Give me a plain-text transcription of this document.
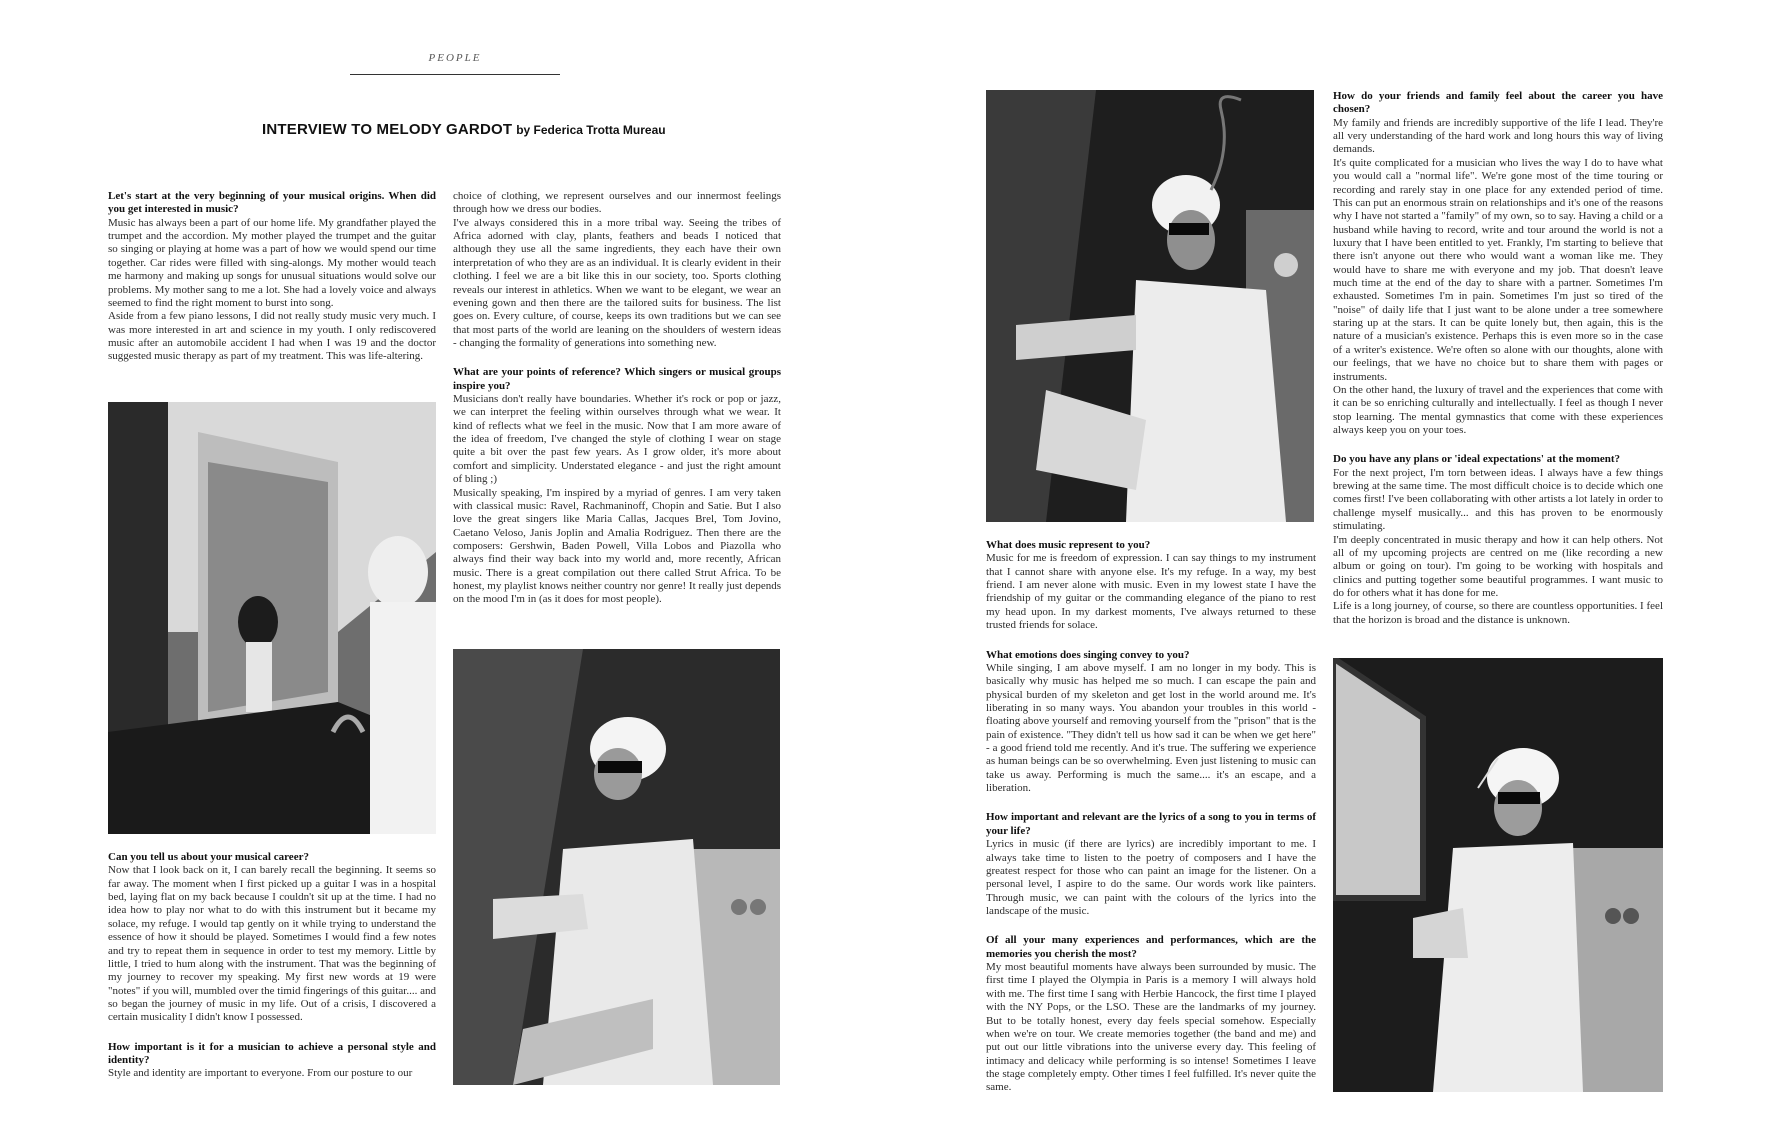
PEOPLE
INTERVIEW TO MELODY GARDOT by Federica Trotta Mureau

Let's start at the very beginning of your musical origins. When did you get interested in music?

Music has always been a part of our home life. My grandfather played the trumpet and the accordion. My mother played the trumpet and the guitar so singing or playing at home was a part of how we would spend our time together. Car rides were filled with sing-alongs. My mother would teach me harmony and making up songs for unusual situations would solve our problems. My mother sang to me a lot. She had a lovely voice and always seemed to find the right moment to burst into song.

Aside from a few piano lessons, I did not really study music very much. I was more interested in art and science in my youth. I only rediscovered music after an automobile accident I had when I was 19 and the doctor suggested music therapy as part of my treatment. This was life-altering.

Can you tell us about your musical career?

Now that I look back on it, I can barely recall the beginning. It seems so far away. The moment when I first picked up a guitar I was in a hospital bed, laying flat on my back because I couldn't sit up at the time. I had no idea how to play nor what to do with this instrument but it became my solace, my refuge. I would tap gently on it while trying to understand the essence of how it should be played. Sometimes I would find a few notes and try to repeat them in sequence in order to test my memory. Little by little, I tried to hum along with the instrument. That was the beginning of my journey to recover my speaking. My first new words at 19 were "notes" if you will, mumbled over the timid fingerings of this guitar.... and so began the journey of music in my life. Out of a crisis, I discovered a certain musicality I didn't know I possessed.

How important is it for a musician to achieve a personal style and identity?

Style and identity are important to everyone. From our posture to our

choice of clothing, we represent ourselves and our innermost feelings through how we dress our bodies.

I've always considered this in a more tribal way. Seeing the tribes of Africa adorned with clay, plants, feathers and beads I noticed that although they use all the same ingredients, they each have their own interpretation of who they are as an individual. It is clearly evident in their clothing. I feel we are a bit like this in our society, too. Sports clothing reveals our interest in athletics. When we want to be elegant, we wear an evening gown and then there are the tailored suits for business. The list goes on. Every culture, of course, keeps its own traditions but we can see that most parts of the world are leaning on the shoulders of western ideas - changing the formality of generations into something new.

What are your points of reference? Which singers or musical groups inspire you?

Musicians don't really have boundaries. Whether it's rock or pop or jazz, we can interpret the feeling within ourselves through what we wear. It kind of reflects what we feel in the music. Now that I am more aware of the idea of freedom, I've changed the style of clothing I wear on stage quite a bit over the past few years. As I grow older, it's more about comfort and simplicity. Understated elegance - and just the right amount of bling ;)

Musically speaking, I'm inspired by a myriad of genres. I am very taken with classical music: Ravel, Rachmaninoff, Chopin and Satie. But I also love the great singers like Maria Callas, Jacques Brel, Tom Jovino, Caetano Veloso, Janis Joplin and Amalia Rodriguez. Then there are the composers: Gershwin, Baden Powell, Villa Lobos and Piazolla who always find their way back into my world and, more recently, African music. There is a great compilation out there called Strut Africa. To be honest, my playlist knows neither country nor genre! It really just depends on the mood I'm in (as it does for most people).

What does music represent to you?

Music for me is freedom of expression. I can say things to my instrument that I cannot share with anyone else. It's my refuge. In a way, my best friend. I am never alone with music. Even in my lowest state I have the friendship of my guitar or the commanding elegance of the piano to rest my head upon. In my darkest moments, I've always returned to these trusted friends for solace.

What emotions does singing convey to you?

While singing, I am above myself. I am no longer in my body. This is basically why music has helped me so much. I can escape the pain and physical burden of my skeleton and get lost in the world around me. It's liberating in so many ways. You abandon your troubles in this world - floating above yourself and removing yourself from the "prison" that is the pain of existence. "They didn't tell us how sad it can be when we get here" - a good friend told me recently. And it's true. The suffering we experience as human beings can be so overwhelming. Even just listening to music can take us away. Performing is much the same.... it's an escape, and a liberation.

How important and relevant are the lyrics of a song to you in terms of your life?

Lyrics in music (if there are lyrics) are incredibly important to me. I always take time to listen to the poetry of composers and I have the greatest respect for those who can paint an image for the listener. On a personal level, I aspire to do the same. Our words work like painters. Through music, we can paint with the colours of the lyrics into the landscape of the music.

Of all your many experiences and performances, which are the memories you cherish the most?

My most beautiful moments have always been surrounded by music. The first time I played the Olympia in Paris is a memory I will always hold with me. The first time I sang with Herbie Hancock, the first time I played with the NY Pops, or the LSO. These are the landmarks of my journey. But to be totally honest, every day feels special somehow. Especially when we're on tour. We create memories together (the band and me) and put out our little vibrations into the universe every day. This feeling of intimacy and delicacy while performing is so intense! Sometimes I leave the stage completely empty. Other times I feel fulfilled. It's never quite the same.

How do your friends and family feel about the career you have chosen?

My family and friends are incredibly supportive of the life I lead. They're all very understanding of the hard work and long hours this way of living demands.

It's quite complicated for a musician who lives the way I do to have what you would call a "normal life". We're gone most of the time touring or recording and rarely stay in one place for any extended period of time. This can put an enormous strain on relationships and it's one of the reasons why I have not started a "family" of my own, so to say. Having a child or a husband while having to record, write and tour around the world is not a luxury that I have been entitled to yet. Frankly, I'm starting to believe that there isn't anyone out there who would want a woman like me. They would have to share me with everyone and my job. That doesn't leave much time at the end of the day to share with a partner. Sometimes I'm exhausted. Sometimes I'm in pain. Sometimes I'm just so tired of the "noise" of daily life that I just want to be alone under a tree somewhere staring up at the stars. It can be quite lonely but, then again, this is the nature of a musician's existence. Perhaps this is even more so in the case of a writer's existence. We're often so alone with our thoughts, alone with our feelings, that we have no choice but to share them with pages or instruments.

On the other hand, the luxury of travel and the experiences that come with it can be so enriching culturally and intellectually. I feel as though I never stop learning. The mental gymnastics that come with these experiences always keep you on your toes.

Do you have any plans or 'ideal expectations' at the moment?

For the next project, I'm torn between ideas. I always have a few things brewing at the same time. The most difficult choice is to decide which one comes first! I've been collaborating with other artists a lot lately in order to challenge myself musically... and this has proven to be enormously stimulating.

I'm deeply concentrated in music therapy and how it can help others. Not all of my upcoming projects are centred on me (like recording a new album or going on tour). I'm going to be working with hospitals and clinics and putting together some beautiful programmes. I want music to do for others what it has done for me.

Life is a long journey, of course, so there are countless opportunities. I feel that the horizon is broad and the distance is unknown.
